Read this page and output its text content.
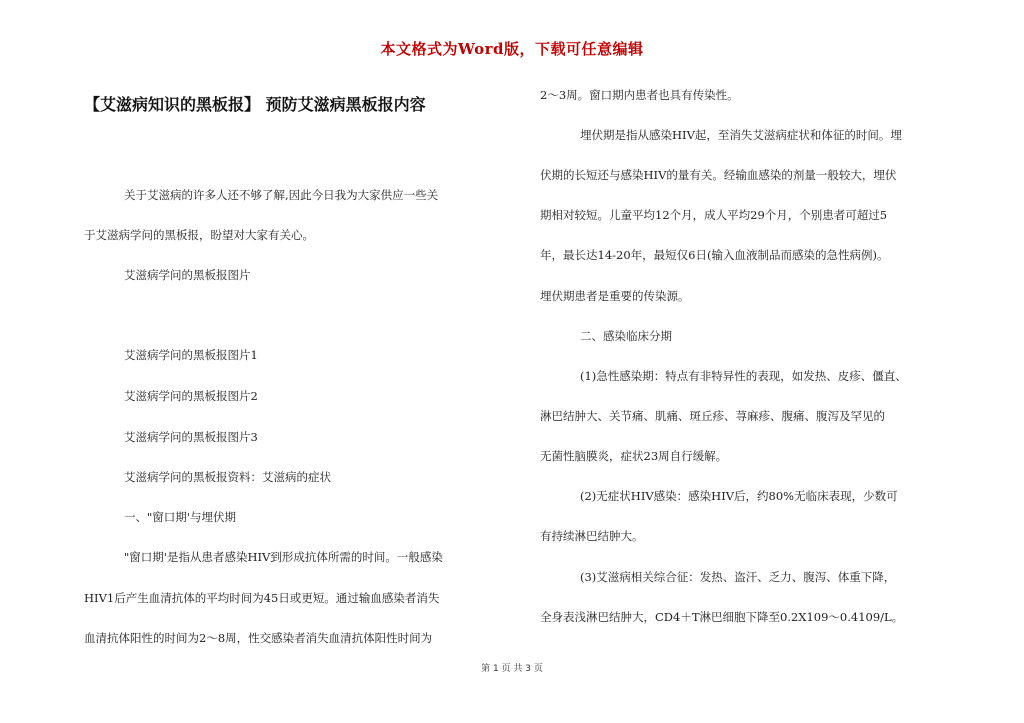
本文格式为Word版，下载可任意编辑
【艾滋病知识的黑板报】 预防艾滋病黑板报内容
关于艾滋病的许多人还不够了解,因此今日我为大家供应一些关
于艾滋病学问的黑板报，盼望对大家有关心。
艾滋病学问的黑板报图片
艾滋病学问的黑板报图片1
艾滋病学问的黑板报图片2
艾滋病学问的黑板报图片3
艾滋病学问的黑板报资料：艾滋病的症状
一、"窗口期'与埋伏期
"窗口期'是指从患者感染HIV到形成抗体所需的时间。一般感染
HIV1后产生血清抗体的平均时间为45日或更短。通过输血感染者消失
血清抗体阳性的时间为2～8周，性交感染者消失血清抗体阳性时间为
2～3周。窗口期内患者也具有传染性。
埋伏期是指从感染HIV起，至消失艾滋病症状和体征的时间。埋
伏期的长短还与感染HIV的量有关。经输血感染的剂量一般较大，埋伏
期相对较短。儿童平均12个月，成人平均29个月，个别患者可超过5
年，最长达14-20年，最短仅6日(输入血液制品而感染的急性病例)。
埋伏期患者是重要的传染源。
二、感染临床分期
(1)急性感染期：特点有非特异性的表现，如发热、皮疹、僵直、
淋巴结肿大、关节痛、肌痛、斑丘疹、荨麻疹、腹痛、腹泻及罕见的
无菌性脑膜炎，症状23周自行缓解。
(2)无症状HIV感染：感染HIV后，约80%无临床表现，少数可
有持续淋巴结肿大。
(3)艾滋病相关综合征：发热、盗汗、乏力、腹泻、体重下降，
全身表浅淋巴结肿大，CD4＋T淋巴细胞下降至0.2X109～0.4109/L。
第 1 页 共 3 页
